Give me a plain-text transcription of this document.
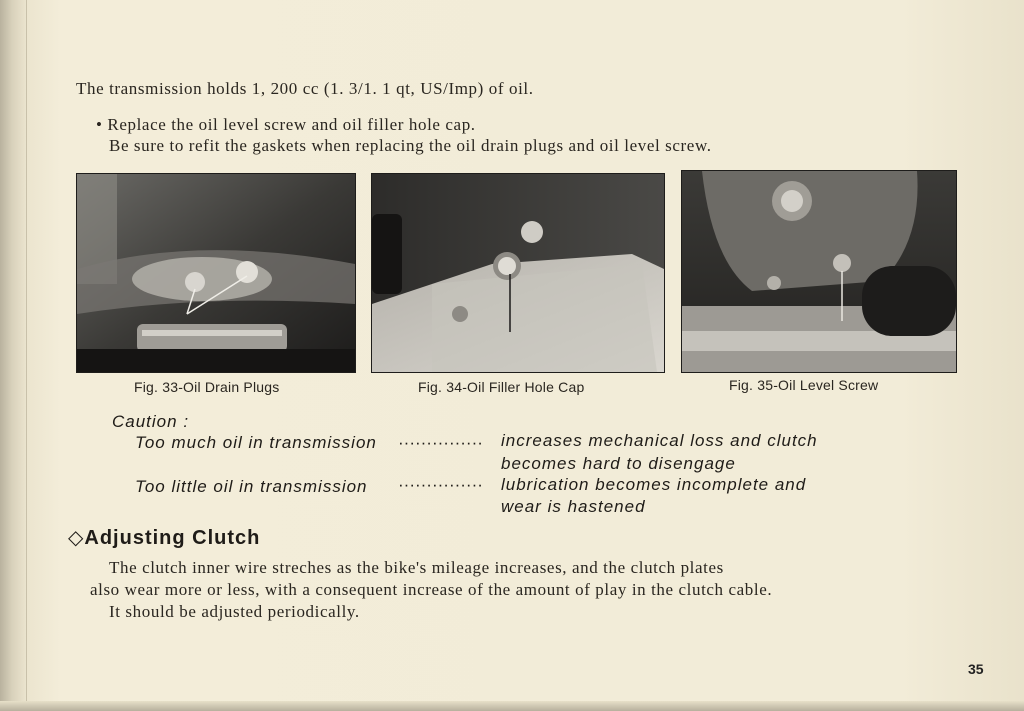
The transmission holds 1, 200 cc (1. 3/1. 1 qt, US/Imp) of oil.
• Replace the oil level screw and oil filler hole cap.
Be sure to refit the gaskets when replacing the oil drain plugs and oil level screw.
Fig. 33-Oil Drain Plugs	Fig. 34-Oil Filler Hole Cap	Fig. 35-Oil Level Screw
Caution :
Too much oil in transmission ··············· increases mechanical loss and clutch
becomes hard to disengage
Too little oil in transmission ··············· lubrication becomes incomplete and
wear is hastened
◇Adjusting Clutch
The clutch inner wire streches as the bike's mileage increases, and the clutch plates
also wear more or less, with a consequent increase of the amount of play in the clutch cable.
It should be adjusted periodically.
35
